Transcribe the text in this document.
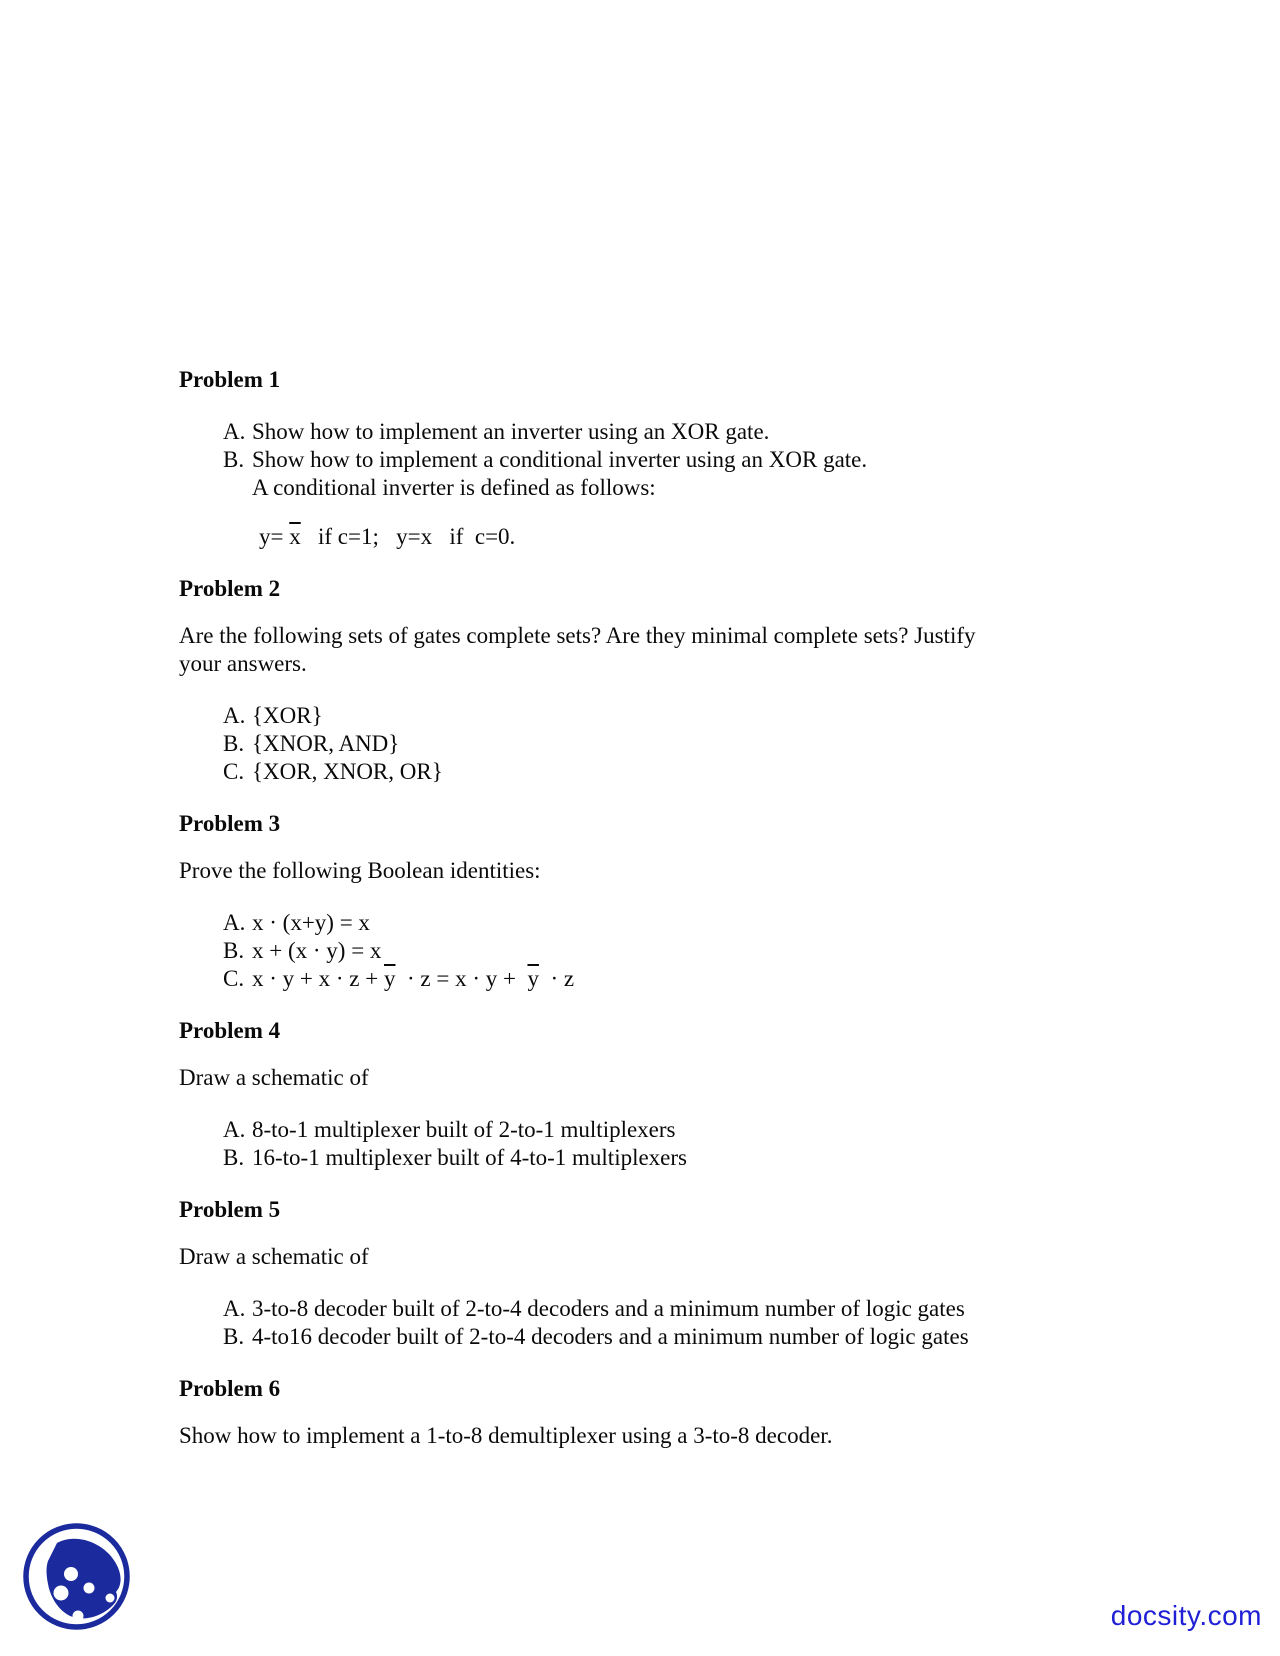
Problem 1
A. Show how to implement an inverter using an XOR gate.
B. Show how to implement a conditional inverter using an XOR gate.
A conditional inverter is defined as follows:
$y= \overline{x}$   if c=1;   y=x   if  c=0.
Problem 2
Are the following sets of gates complete sets? Are they minimal complete sets? Justify
your answers.
A. {XOR}
B. {XNOR, AND}
C. {XOR, XNOR, OR}
Problem 3
Prove the following Boolean identities:
A. x · (x+y) = x
B. x + (x · y) = x
C. $x \cdot y + x \cdot z + \overline{y} \cdot z = x \cdot y + \overline{y} \cdot z$
Problem 4
Draw a schematic of
A. 8-to-1 multiplexer built of 2-to-1 multiplexers
B. 16-to-1 multiplexer built of 4-to-1 multiplexers
Problem 5
Draw a schematic of
A. 3-to-8 decoder built of 2-to-4 decoders and a minimum number of logic gates
B. 4-to16 decoder built of 2-to-4 decoders and a minimum number of logic gates
Problem 6
Show how to implement a 1-to-8 demultiplexer using a 3-to-8 decoder.
docsity.com
